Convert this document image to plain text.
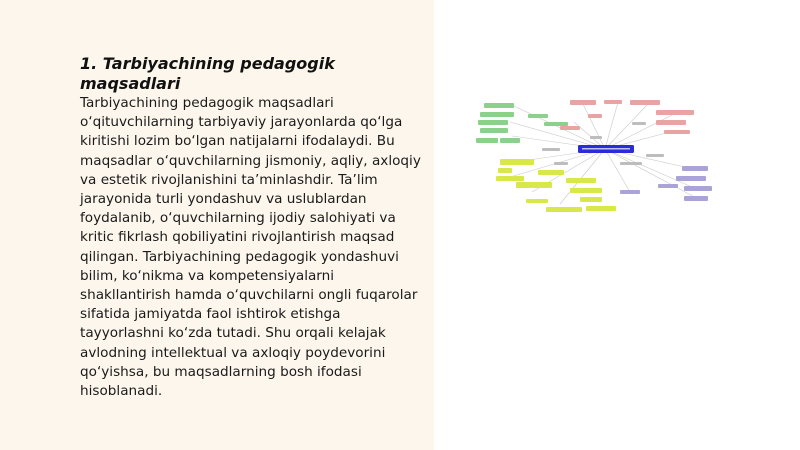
1. Tarbiyachining pedagogik maqsadlari

Tarbiyachining pedagogik maqsadlari o‘qituvchilarning tarbiyaviy jarayonlarda qo‘lga kiritishi lozim bo‘lgan natijalarni ifodalaydi. Bu maqsadlar o‘quvchilarning jismoniy, aqliy, axloqiy va estetik rivojlanishini ta’minlashdir. Ta’lim jarayonida turli yondashuv va uslublardan foydalanib, o‘quvchilarning ijodiy salohiyati va kritic fikrlash qobiliyatini rivojlantirish maqsad qilingan. Tarbiyachining pedagogik yondashuvi bilim, ko‘nikma va kompetensiyalarni shakllantirish hamda o‘quvchilarni ongli fuqarolar sifatida jamiyatda faol ishtirok etishga tayyorlashni ko‘zda tutadi. Shu orqali kelajak avlodning intellektual va axloqiy poydevorini qo‘yishsa, bu maqsadlarning bosh ifodasi hisoblanadi.
